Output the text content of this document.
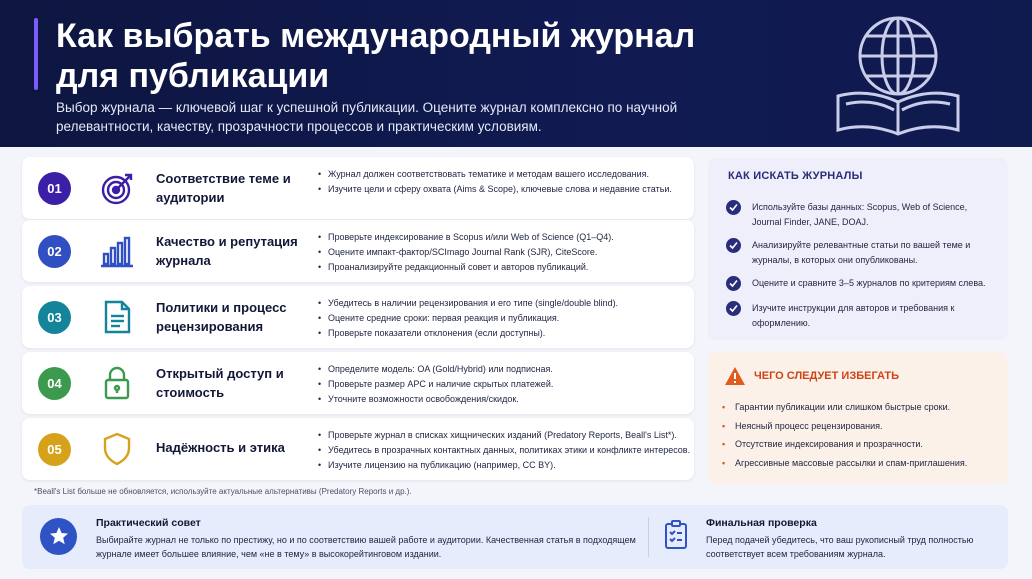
Как выбрать международный журнал для публикации

Выбор журнала — ключевой шаг к успешной публикации. Оцените журнал комплексно по научной релевантности, качеству, прозрачности процессов и практическим условиям.

01
Соответствие теме и аудитории
• Журнал должен соответствовать тематике и методам вашего исследования.
• Изучите цели и сферу охвата (Aims & Scope), ключевые слова и недавние статьи.
02
Качество и репутация журнала
• Проверьте индексирование в Scopus и/или Web of Science (Q1–Q4).
• Оцените импакт-фактор/SCImago Journal Rank (SJR), CiteScore.
• Проанализируйте редакционный совет и авторов публикаций.
03
Политики и процесс рецензирования
• Убедитесь в наличии рецензирования и его типе (single/double blind).
• Оцените средние сроки: первая реакция и публикация.
• Проверьте показатели отклонения (если доступны).
04
Открытый доступ и стоимость
• Определите модель: OA (Gold/Hybrid) или подписная.
• Проверьте размер APC и наличие скрытых платежей.
• Уточните возможности освобождения/скидок.
05	Надёжность и этика
• Проверьте журнал в списках хищнических изданий (Predatory Reports, Beall's List*).
• Убедитесь в прозрачных контактных данных, политиках этики и конфликте интересов.
• Изучите лицензию на публикацию (например, CC BY).
*Beall's List больше не обновляется, используйте актуальные альтернативы (Predatory Reports и др.).
КАК ИСКАТЬ ЖУРНАЛЫ
Используйте базы данных: Scopus, Web of Science, Journal Finder, JANE, DOAJ.
Анализируйте релевантные статьи по вашей теме и журналы, в которых они опубликованы.
Оцените и сравните 3–5 журналов по критериям слева.
Изучите инструкции для авторов и требования к оформлению.
ЧЕГО СЛЕДУЕТ ИЗБЕГАТЬ
• Гарантии публикации или слишком быстрые сроки.
• Неясный процесс рецензирования.
• Отсутствие индексирования и прозрачности.
• Агрессивные массовые рассылки и спам-приглашения.
Практический совет
Выбирайте журнал не только по престижу, но и по соответствию вашей работе и аудитории. Качественная статья в подходящем журнале имеет большее влияние, чем «не в тему» в высокорейтинговом издании.
Финальная проверка
Перед подачей убедитесь, что ваш рукописный труд полностью соответствует всем требованиям журнала.
